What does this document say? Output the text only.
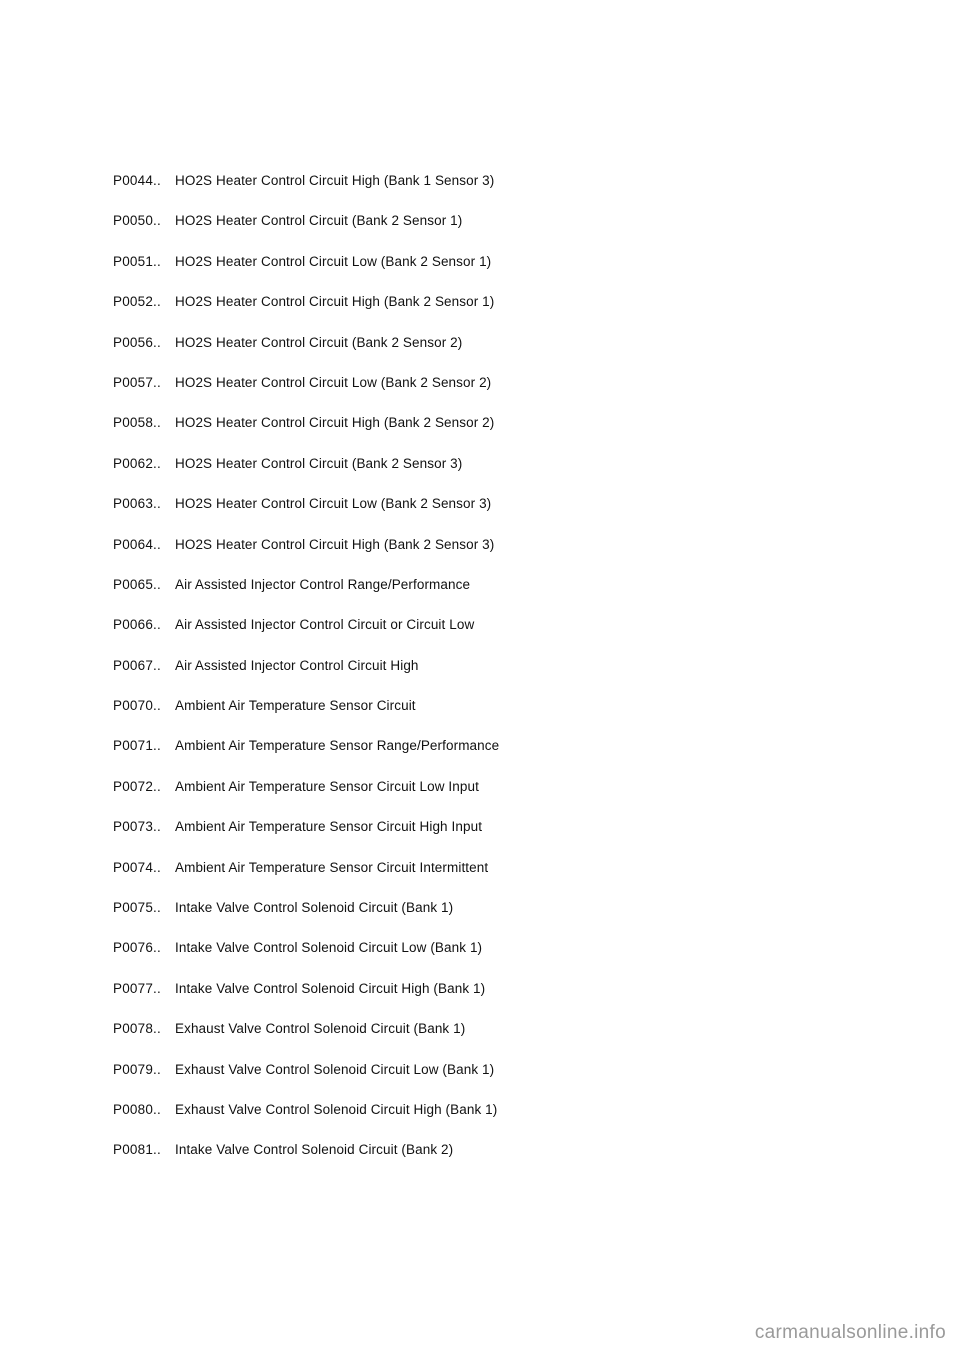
P0044..	HO2S Heater Control Circuit High (Bank 1 Sensor 3)
P0050..	HO2S Heater Control Circuit (Bank 2 Sensor 1)
P0051..	HO2S Heater Control Circuit Low (Bank 2 Sensor 1)
P0052..	HO2S Heater Control Circuit High (Bank 2 Sensor 1)
P0056..	HO2S Heater Control Circuit (Bank 2 Sensor 2)
P0057..	HO2S Heater Control Circuit Low (Bank 2 Sensor 2)
P0058..	HO2S Heater Control Circuit High (Bank 2 Sensor 2)
P0062..	HO2S Heater Control Circuit (Bank 2 Sensor 3)
P0063..	HO2S Heater Control Circuit Low (Bank 2 Sensor 3)
P0064..	HO2S Heater Control Circuit High (Bank 2 Sensor 3)
P0065..	Air Assisted Injector Control Range/Performance
P0066..	Air Assisted Injector Control Circuit or Circuit Low
P0067..	Air Assisted Injector Control Circuit High
P0070..	Ambient Air Temperature Sensor Circuit
P0071..	Ambient Air Temperature Sensor Range/Performance
P0072..	Ambient Air Temperature Sensor Circuit Low Input
P0073..	Ambient Air Temperature Sensor Circuit High Input
P0074..	Ambient Air Temperature Sensor Circuit Intermittent
P0075..	Intake Valve Control Solenoid Circuit (Bank 1)
P0076..	Intake Valve Control Solenoid Circuit Low (Bank 1)
P0077..	Intake Valve Control Solenoid Circuit High (Bank 1)
P0078..	Exhaust Valve Control Solenoid Circuit (Bank 1)
P0079..	Exhaust Valve Control Solenoid Circuit Low (Bank 1)
P0080..	Exhaust Valve Control Solenoid Circuit High (Bank 1)
P0081..	Intake Valve Control Solenoid Circuit (Bank 2)
carmanualsonline.info
